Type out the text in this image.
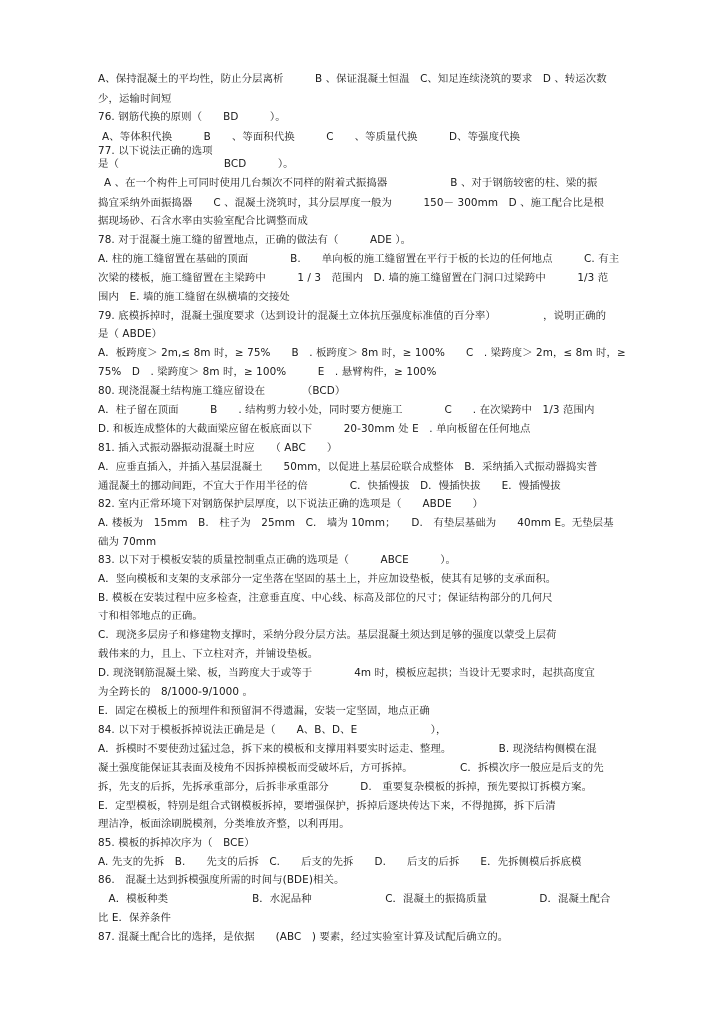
A、保持混凝土的平均性，防止分层离析　　　B 、保证混凝土恒温　C、知足连续浇筑的要求　D 、转运次数
少，运输时间短
76. 钢筋代换的原则（　　BD　　　）。
A、等体积代换　　　B　　、等面积代换　　　C　　、等质量代换　　　D、等强度代换
77. 以下说法正确的选项
是（　　　　　　　　　　BCD　　　）。
A 、在一个构件上可同时使用几台频次不同样的附着式振捣器　　　　　　B 、对于钢筋较密的柱、梁的振
捣宜采纳外面振捣器　　C 、混凝土浇筑时，其分层厚度一般为　　　150－ 300mm　D 、施工配合比是根
据现场砂、石含水率由实验室配合比调整而成
78. 对于混凝土施工缝的留置地点，正确的做法有（　　　ADE ）。
A. 柱的施工缝留置在基础的顶面　　　　B.　　单向板的施工缝留置在平行于板的长边的任何地点　　　C. 有主
次梁的楼板，施工缝留置在主梁跨中　　　1 / 3　范围内　D. 墙的施工缝留置在门洞口过梁跨中　　　1/3 范
围内　E. 墙的施工缝留在纵横墙的交接处
79. 底模拆掉时，混凝土强度要求（达到设计的混凝土立体抗压强度标准值的百分率）　　　　　，说明正确的
是（ ABDE）
A．板跨度＞ 2m,≤ 8m 时，≥ 75%　　B　. 板跨度＞ 8m 时，≥ 100%　　C　. 梁跨度＞ 2m，≤ 8m 时，≥
75%　D　. 梁跨度＞ 8m 时，≥ 100%　　　E　. 悬臂构件，≥ 100%
80. 现浇混凝土结构施工缝应留设在　　　　（BCD）
A．柱子留在顶面　　　B　　. 结构剪力较小处，同时要方便施工　　　　C　　. 在次梁跨中　1/3 范围内
D. 和板连成整体的大截面梁应留在板底面以下　　　20-30mm 处 E　. 单向板留在任何地点
81. 插入式振动器振动混凝土时应　　（ ABC　　）
A．应垂直插入，并插入基层混凝土　　50mm，以促进上基层砼联合成整体　B．采纳插入式振动器捣实普
通混凝土的挪动间距，不宜大于作用半径的倍　　　　C．快插慢拔　D．慢插快拔　　E．慢插慢拔
82. 室内正常环境下对钢筋保护层厚度，以下说法正确的选项是（　　ABDE　　）
A. 楼板为　15mm　B.　柱子为　25mm　C.　墙为 10mm；　　D.　有垫层基础为　　40mm E。无垫层基
础为 70mm
83. 以下对于模板安装的质量控制重点正确的选项是（　　　ABCE　　　）。
A．竖向模板和支架的支承部分一定坐落在坚固的基土上，并应加设垫板，使其有足够的支承面积。
B. 模板在安装过程中应多检查，注意垂直度、中心线、标高及部位的尺寸；保证结构部分的几何尺
寸和相邻地点的正确。
C．现浇多层房子和修建物支撑时，采纳分段分层方法。基层混凝土须达到足够的强度以蒙受上层荷
载伟来的力，且上、下立柱对齐，并铺设垫板。
D. 现浇钢筋混凝土梁、板，当跨度大于或等于　　　　4m 时，模板应起拱；当设计无要求时，起拱高度宜
为全跨长的　8/1000-9/1000 。
E．固定在模板上的预埋件和预留洞不得遗漏，安装一定坚固，地点正确
84. 以下对于模板拆掉说法正确是是（　　A、B、D、E　　　　　　　），
A．拆模时不要使劲过猛过急，拆下来的模板和支撑用料要实时运走、整理。　　　　　B. 现浇结构侧模在混
凝土强度能保证其表面及棱角不因拆掉模板而受破坏后，方可拆掉。　　　　　C．拆模次序一般应是后支的先
拆，先支的后拆，先拆承重部分，后拆非承重部分　　　D.　重要复杂模板的拆掉，预先要拟订拆模方案。
E．定型模板，特别是组合式钢模板拆掉，要增强保护，拆掉后逐块传达下来，不得抛掷，拆下后清
理洁净，板面涂刷脱模剂，分类堆放齐整，以利再用。
85. 模板的拆掉次序为（　BCE）
A. 先支的先拆　B.　　先支的后拆　C.　　后支的先拆　　D.　　后支的后拆　　E．先拆侧模后拆底模
86.　混凝土达到拆模强度所需的时间与(BDE)相关。
　A．模板种类　　　　　　　　B．水泥品种　　　　　　　C．混凝土的振捣质量　　　　　D．混凝土配合
比 E．保养条件
87. 混凝土配合比的选择，是依据　　(ABC　) 要素，经过实验室计算及试配后确立的。
